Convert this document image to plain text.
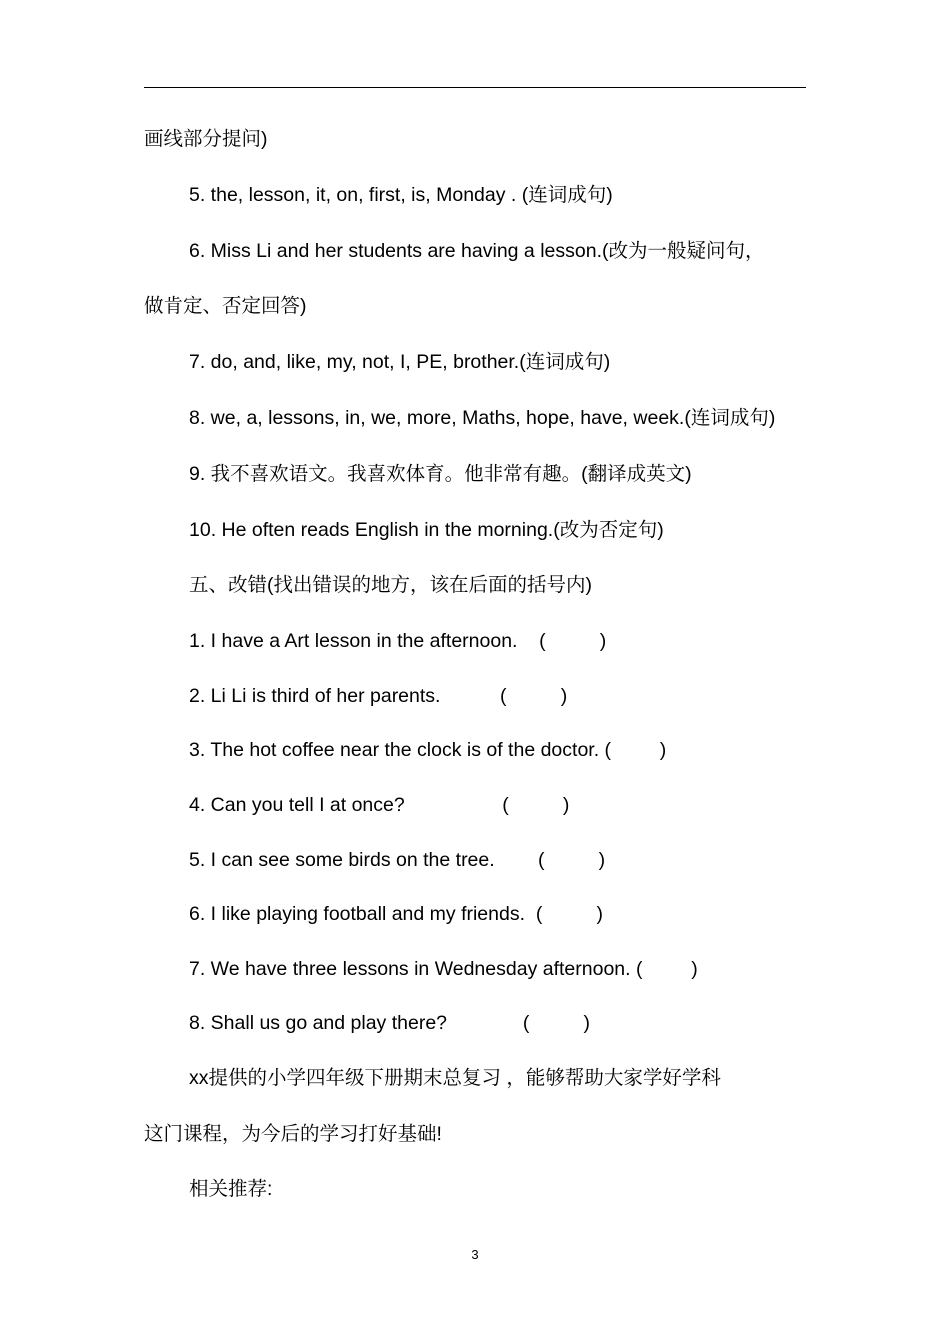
画线部分提问)
5. the, lesson, it, on, first, is, Monday . (连词成句)
6. Miss Li and her students are having a lesson.(改为一般疑问句，
做肯定、否定回答)
7. do, and, like, my, not, I, PE, brother.(连词成句)
8. we, a, lessons, in, we, more, Maths, hope, have, week.(连词成句)
9. 我不喜欢语文。我喜欢体育。他非常有趣。(翻译成英文)
10. He often reads English in the morning.(改为否定句)
五、改错(找出错误的地方，该在后面的括号内)
1. I have a Art lesson in the afternoon.    (          )
2. Li Li is third of her parents.           (          )
3. The hot coffee near the clock is of the doctor. (         )
4. Can you tell I at once?                  (          )
5. I can see some birds on the tree.        (          )
6. I like playing football and my friends.  (          )
7. We have three lessons in Wednesday afternoon. (         )
8. Shall us go and play there?              (          )
xx提供的小学四年级下册期末总复习 ，能够帮助大家学好学科
这门课程，为今后的学习打好基础!
相关推荐:
3
